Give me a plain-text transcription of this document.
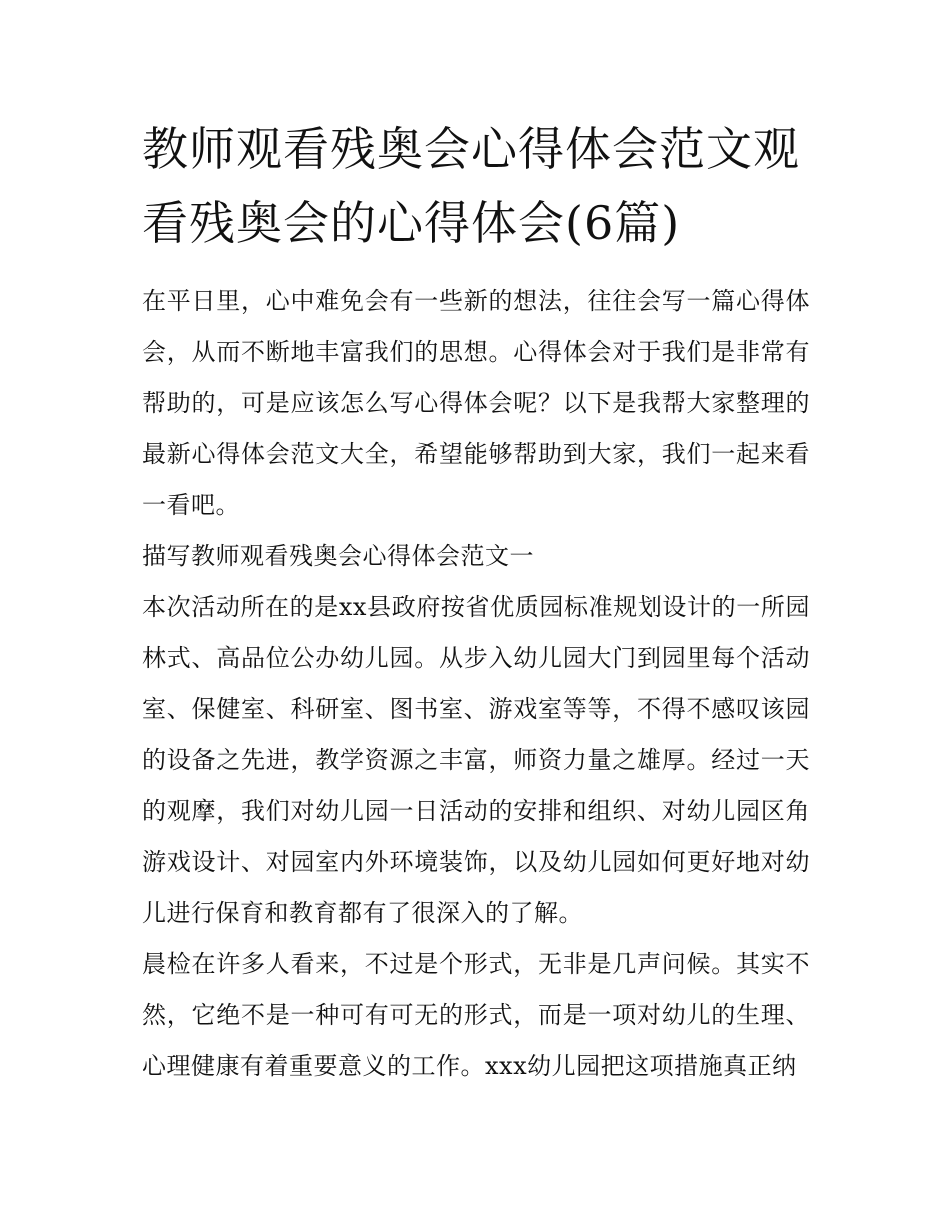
教师观看残奥会心得体会范文观看残奥会的心得体会(6篇)

在平日里，心中难免会有一些新的想法，往往会写一篇心得体会，从而不断地丰富我们的思想。心得体会对于我们是非常有帮助的，可是应该怎么写心得体会呢？以下是我帮大家整理的最新心得体会范文大全，希望能够帮助到大家，我们一起来看一看吧。

描写教师观看残奥会心得体会范文一

本次活动所在的是xx县政府按省优质园标准规划设计的一所园林式、高品位公办幼儿园。从步入幼儿园大门到园里每个活动室、保健室、科研室、图书室、游戏室等等，不得不感叹该园的设备之先进，教学资源之丰富，师资力量之雄厚。经过一天的观摩，我们对幼儿园一日活动的安排和组织、对幼儿园区角游戏设计、对园室内外环境装饰，以及幼儿园如何更好地对幼儿进行保育和教育都有了很深入的了解。

晨检在许多人看来，不过是个形式，无非是几声问候。其实不然，它绝不是一种可有可无的形式，而是一项对幼儿的生理、心理健康有着重要意义的工作。xxx幼儿园把这项措施真正纳
